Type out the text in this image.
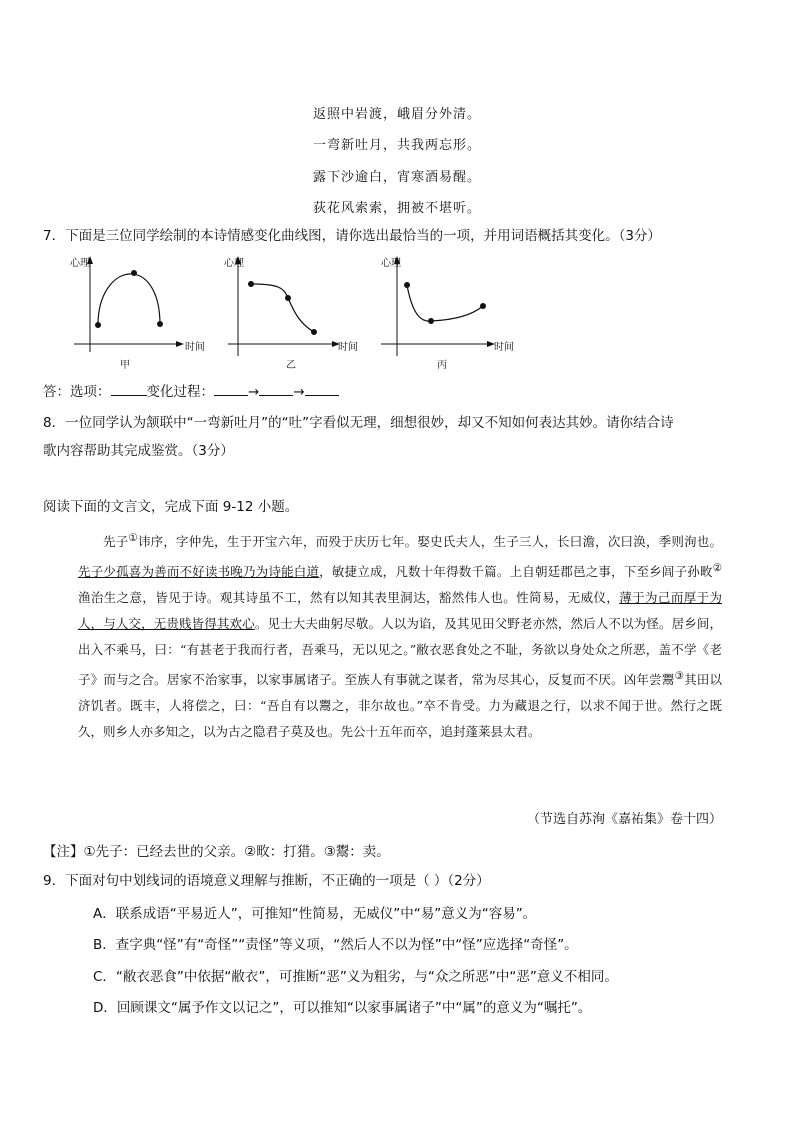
返照中岩渡，峨眉分外清。
一弯新吐月，共我两忘形。
露下沙逾白，宵寒酒易醒。
荻花风索索，拥被不堪听。
7．下面是三位同学绘制的本诗情感变化曲线图，请你选出最恰当的一项，并用词语概括其变化。（3分）
心理
时间
甲
心理
时间
乙
心理
时间
丙
答：选项：	变化过程：	→	→
8．一位同学认为颔联中“一弯新吐月”的“吐”字看似无理，细想很妙，却又不知如何表达其妙。请你结合诗
歌内容帮助其完成鉴赏。（3分）
阅读下面的文言文，完成下面 9-12 小题。

先子①讳序，字仲先，生于开宝六年，而殁于庆历七年。娶史氏夫人，生子三人，长曰澹，次曰涣，季则洵也。先子少孤喜为善而不好读书晚乃为诗能白道，敏捷立成，凡数十年得数千篇。上自朝廷郡邑之事，下至乡闾子孙畋②渔治生之意，皆见于诗。观其诗虽不工，然有以知其表里洞达，豁然伟人也。性简易，无威仪，薄于为己而厚于为人，与人交，无贵贱皆得其欢心。见士大夫曲躬尽敬。人以为谄，及其见田父野老亦然，然后人不以为怪。居乡间，出入不乘马，曰：“有甚老于我而行者，吾乘马，无以见之。”敝衣恶食处之不耻，务欲以身处众之所恶，盖不学《老子》而与之合。居家不治家事，以家事属诸子。至族人有事就之谋者，常为尽其心，反复而不厌。凶年尝鬻③其田以济饥者。既丰，人将偿之，曰：“吾自有以鬻之，非尔故也。”卒不肯受。力为藏退之行，以求不闻于世。然行之既久，则乡人亦多知之，以为古之隐君子莫及也。先公十五年而卒，追封蓬莱县太君。

（节选自苏洵《嘉祐集》卷十四）
【注】①先子：已经去世的父亲。②畋：打猎。③鬻：卖。
9．下面对句中划线词的语境意义理解与推断，不正确的一项是（ ）（2分）
A．联系成语“平易近人”，可推知“性简易，无威仪”中“易”意义为“容易”。
B．查字典“怪”有“奇怪”“责怪”等义项，“然后人不以为怪”中“怪”应选择“奇怪”。
C．“敝衣恶食”中依据“敝衣”，可推断“恶”义为粗劣，与“众之所恶”中“恶”意义不相同。
D．回顾课文“属予作文以记之”，可以推知“以家事属诸子”中“属”的意义为“嘱托”。
